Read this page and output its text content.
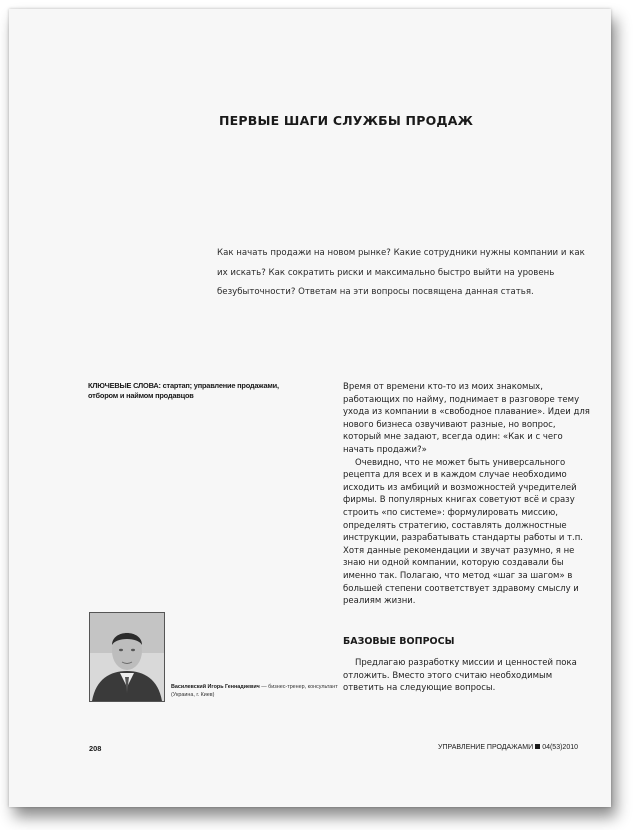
ПЕРВЫЕ ШАГИ СЛУЖБЫ ПРОДАЖ

Как начать продажи на новом рынке? Какие сотрудники нужны компании и как их искать? Как сократить риски и максимально быстро выйти на уровень безубыточности? Ответам на эти вопросы посвящена данная статья.

КЛЮЧЕВЫЕ СЛОВА: стартап; управление продажами, отбором и наймом продавцов

Время от времени кто-то из моих знакомых, работающих по найму, поднимает в разговоре тему ухода из компании в «свободное плавание». Идеи для нового бизнеса озвучивают разные, но вопрос, который мне задают, всегда один: «Как и с чего начать продажи?»

Очевидно, что не может быть универсального рецепта для всех и в каждом случае необходимо исходить из амбиций и возможностей учредителей фирмы. В популярных книгах советуют всё и сразу строить «по системе»: формулировать миссию, определять стратегию, составлять должностные инструкции, разрабатывать стандарты работы и т.п. Хотя данные рекомендации и звучат разумно, я не знаю ни одной компании, которую создавали бы именно так. Полагаю, что метод «шаг за шагом» в большей степени соответствует здравому смыслу и реалиям жизни.

БАЗОВЫЕ ВОПРОСЫ

Предлагаю разработку миссии и ценностей пока отложить. Вместо этого считаю необходимым ответить на следующие вопросы.

Василевский Игорь Геннадиевич — бизнес-тренер, консультант (Украина, г. Киев)
208	УПРАВЛЕНИЕ ПРОДАЖАМИ 04(53)2010
